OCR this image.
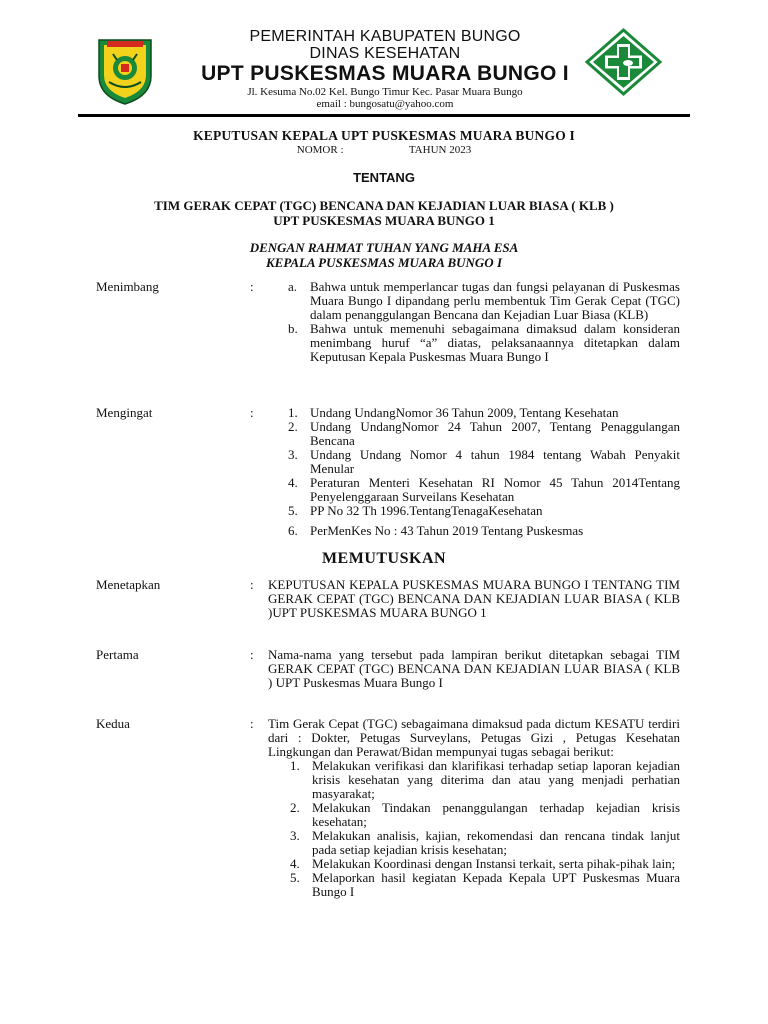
PEMERINTAH KABUPATEN BUNGO
DINAS KESEHATAN
UPT PUSKESMAS MUARA BUNGO I
Jl. Kesuma No.02 Kel. Bungo Timur Kec. Pasar Muara Bungo
email : bungosatu@yahoo.com
KEPUTUSAN KEPALA UPT PUSKESMAS MUARA BUNGO I
NOMOR :	TAHUN 2023
TENTANG
TIM GERAK CEPAT (TGC) BENCANA DAN KEJADIAN LUAR BIASA ( KLB )
UPT PUSKESMAS MUARA BUNGO 1
DENGAN RAHMAT TUHAN YANG MAHA ESA
KEPALA PUSKESMAS MUARA BUNGO I
Menimbang	:	a. Bahwa untuk memperlancar tugas dan fungsi pelayanan di Puskesmas Muara Bungo I dipandang perlu membentuk Tim Gerak Cepat (TGC) dalam penanggulangan Bencana dan Kejadian Luar Biasa (KLB)

b. Bahwa untuk memenuhi sebagaimana dimaksud dalam konsideran menimbang huruf “a” diatas, pelaksanaannya ditetapkan dalam Keputusan Kepala Puskesmas Muara Bungo I

Mengingat	:	1. Undang UndangNomor 36 Tahun 2009, Tentang Kesehatan

2. Undang UndangNomor 24 Tahun 2007, Tentang Penaggulangan Bencana

3. Undang Undang Nomor 4 tahun 1984 tentang Wabah Penyakit Menular

4. Peraturan Menteri Kesehatan RI Nomor 45 Tahun 2014Tentang Penyelenggaraan Surveilans Kesehatan

5. PP No 32 Th 1996.TentangTenagaKesehatan

6. PerMenKes No : 43 Tahun 2019 Tentang Puskesmas

MEMUTUSKAN
Menetapkan	: KEPUTUSAN KEPALA PUSKESMAS MUARA BUNGO I TENTANG TIM GERAK CEPAT (TGC) BENCANA DAN KEJADIAN LUAR BIASA ( KLB )UPT PUSKESMAS MUARA BUNGO 1
Pertama	: Nama-nama yang tersebut pada lampiran berikut ditetapkan sebagai TIM GERAK CEPAT (TGC) BENCANA DAN KEJADIAN LUAR BIASA ( KLB ) UPT Puskesmas Muara Bungo I
Kedua	: Tim Gerak Cepat (TGC) sebagaimana dimaksud pada dictum KESATU terdiri dari : Dokter, Petugas Surveylans, Petugas Gizi , Petugas Kesehatan Lingkungan dan Perawat/Bidan mempunyai tugas sebagai berikut:
1. Melakukan verifikasi dan klarifikasi terhadap setiap laporan kejadian krisis kesehatan yang diterima dan atau yang menjadi perhatian masyarakat;

2. Melakukan Tindakan penanggulangan terhadap kejadian krisis kesehatan;

3. Melakukan analisis, kajian, rekomendasi dan rencana tindak lanjut pada setiap kejadian krisis kesehatan;

4. Melakukan Koordinasi dengan Instansi terkait, serta pihak-pihak lain;

5. Melaporkan hasil kegiatan Kepada Kepala UPT Puskesmas Muara Bungo I
